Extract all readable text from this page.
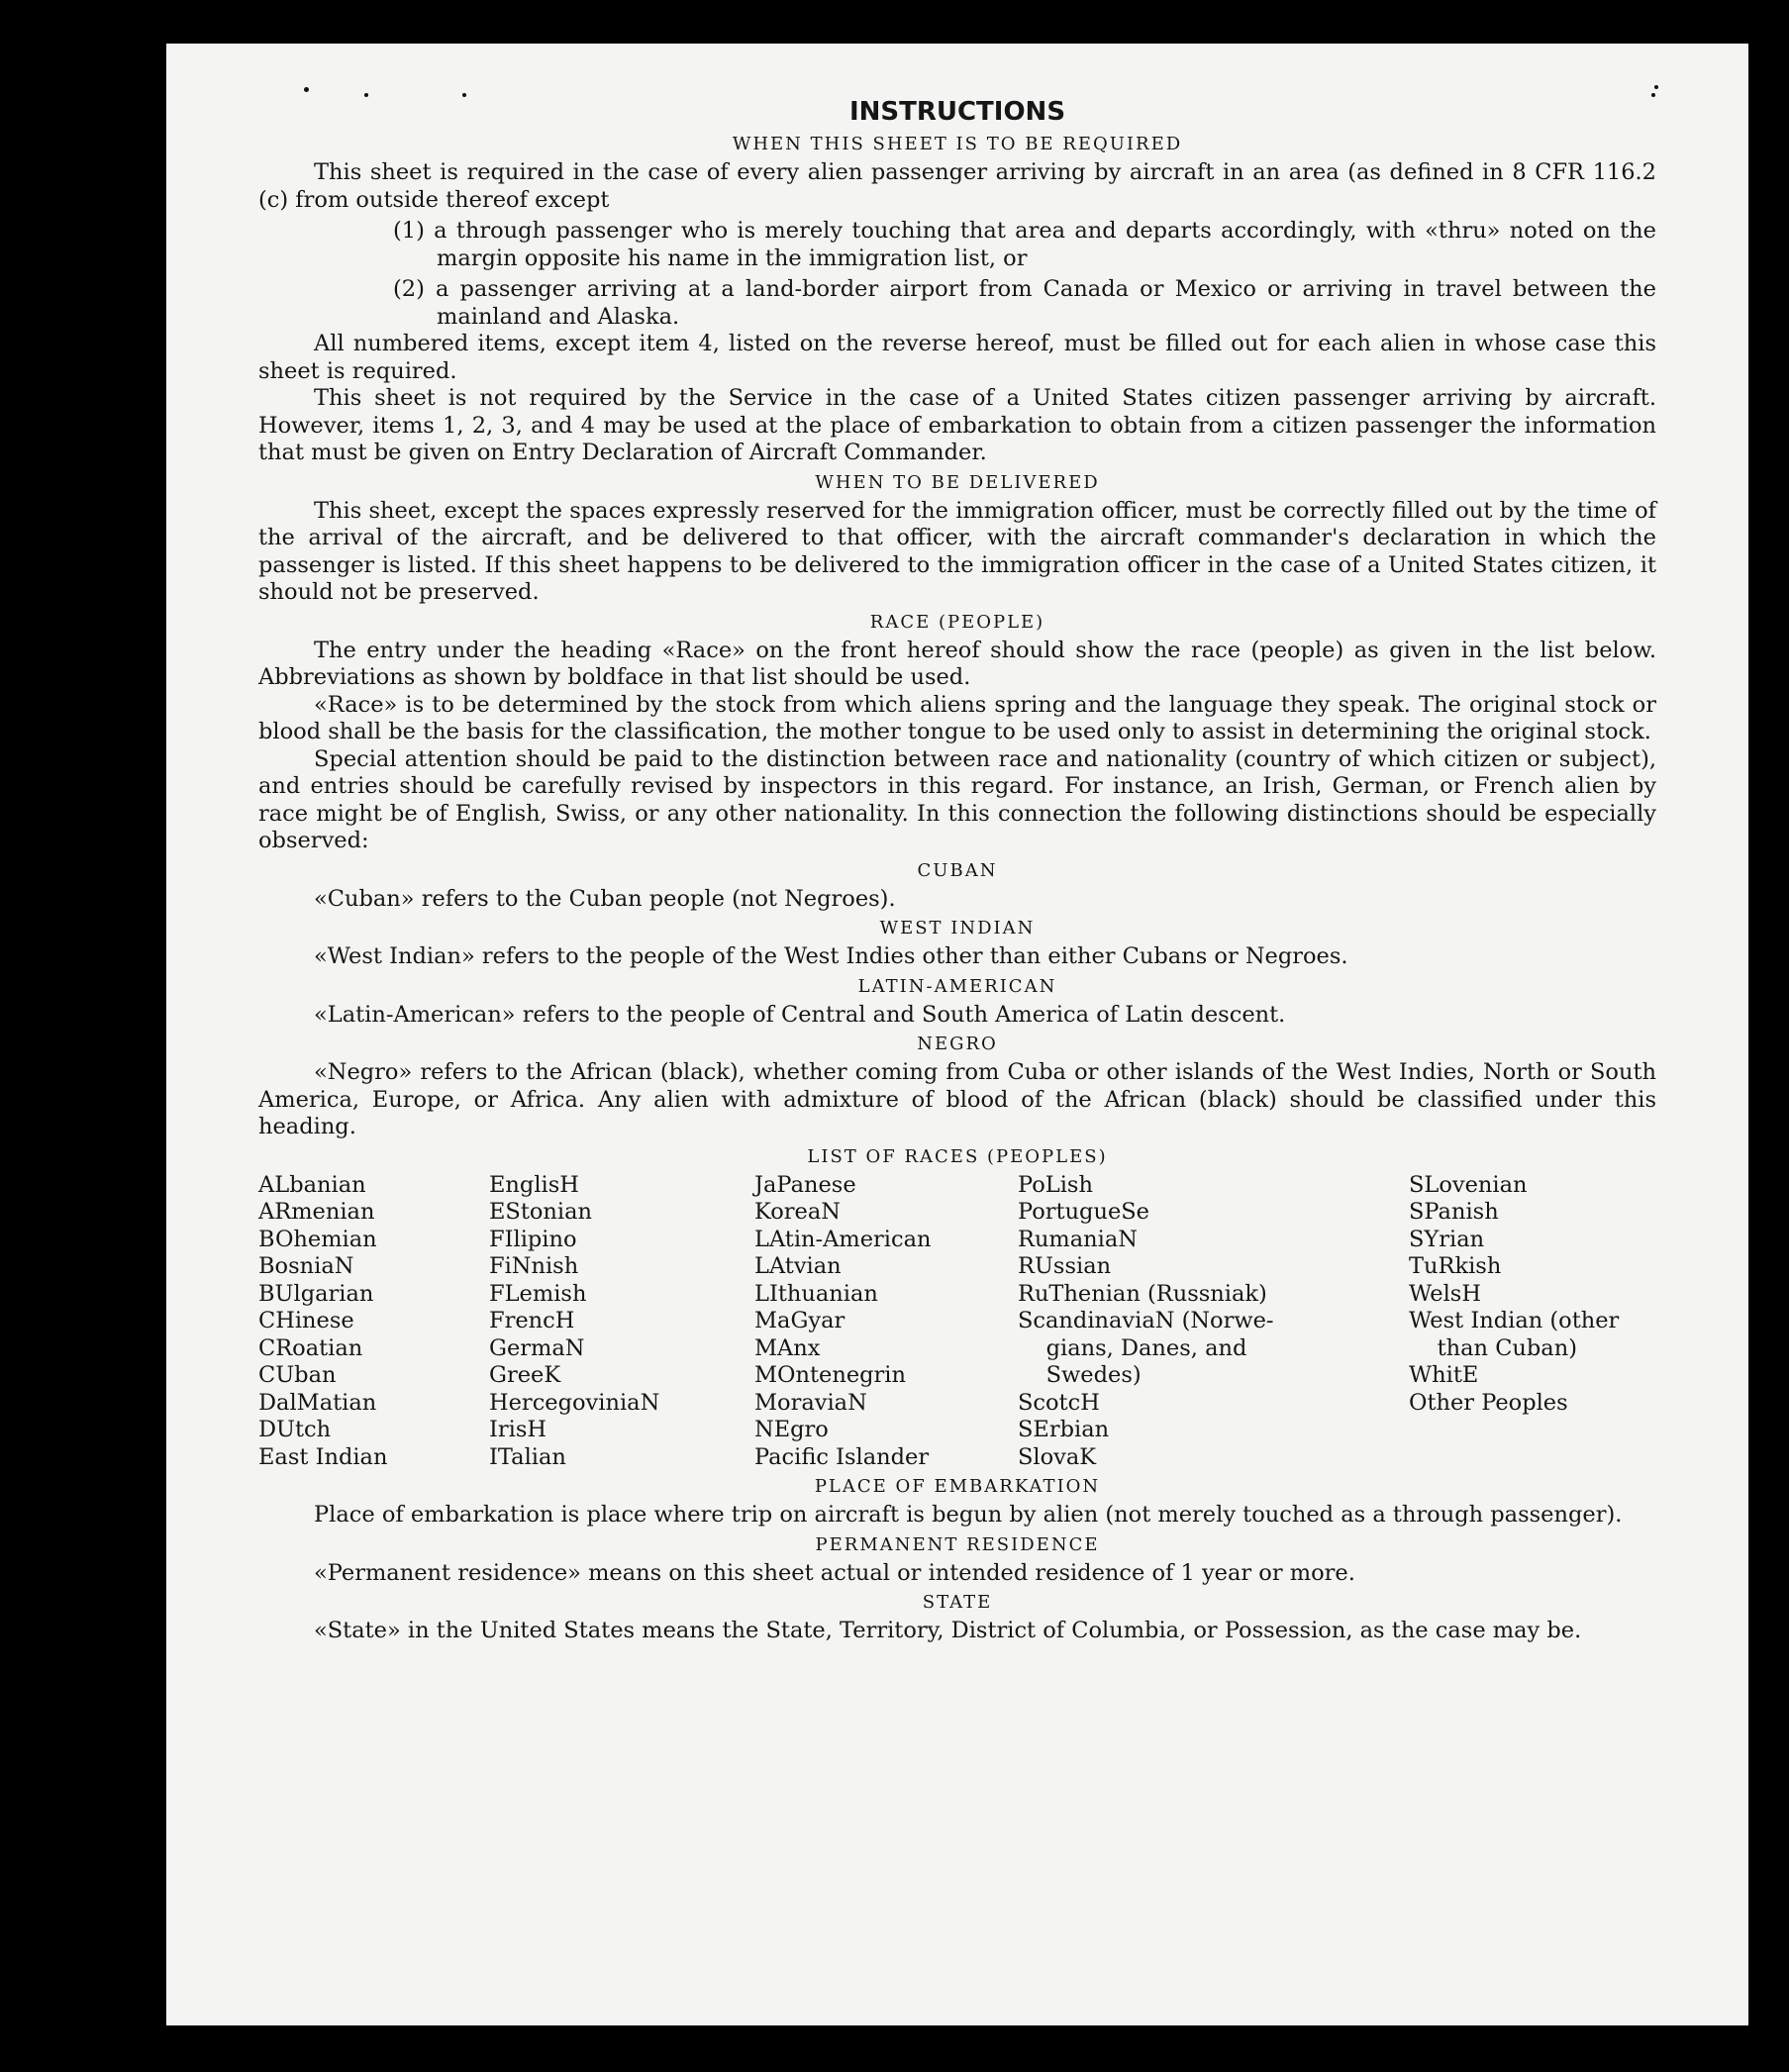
INSTRUCTIONS
WHEN THIS SHEET IS TO BE REQUIRED

This sheet is required in the case of every alien passenger arriving by aircraft in an area (as defined in 8 CFR 116.2 (c) from outside thereof except

(1) a through passenger who is merely touching that area and departs accordingly, with «thru» noted on the margin opposite his name in the immigration list, or

(2) a passenger arriving at a land-border airport from Canada or Mexico or arriving in travel between the mainland and Alaska.

All numbered items, except item 4, listed on the reverse hereof, must be filled out for each alien in whose case this sheet is required.

This sheet is not required by the Service in the case of a United States citizen passenger arriving by aircraft. However, items 1, 2, 3, and 4 may be used at the place of embarkation to obtain from a citizen passenger the information that must be given on Entry Declaration of Aircraft Commander.

WHEN TO BE DELIVERED

This sheet, except the spaces expressly reserved for the immigration officer, must be correctly filled out by the time of the arrival of the aircraft, and be delivered to that officer, with the aircraft commander's declaration in which the passenger is listed. If this sheet happens to be delivered to the immigration officer in the case of a United States citizen, it should not be preserved.

RACE (PEOPLE)

The entry under the heading «Race» on the front hereof should show the race (people) as given in the list below. Abbreviations as shown by boldface in that list should be used.

«Race» is to be determined by the stock from which aliens spring and the language they speak. The original stock or blood shall be the basis for the classification, the mother tongue to be used only to assist in determining the original stock.

Special attention should be paid to the distinction between race and nationality (country of which citizen or subject), and entries should be carefully revised by inspectors in this regard. For instance, an Irish, German, or French alien by race might be of English, Swiss, or any other nationality. In this connection the following distinctions should be especially observed:

CUBAN

«Cuban» refers to the Cuban people (not Negroes).

WEST INDIAN

«West Indian» refers to the people of the West Indies other than either Cubans or Negroes.

LATIN-AMERICAN

«Latin-American» refers to the people of Central and South America of Latin descent.

NEGRO

«Negro» refers to the African (black), whether coming from Cuba or other islands of the West Indies, North or South America, Europe, or Africa. Any alien with admixture of blood of the African (black) should be classified under this heading.

LIST OF RACES (PEOPLES)
ALbanian
ARmenian
BOhemian
BosniaN
BUlgarian
CHinese
CRoatian
CUban
DalMatian
DUtch
East Indian
EnglisH
EStonian
FIlipino
FiNnish
FLemish
FrencH
GermaN
GreeK
HercegoviniaN
IrisH
ITalian
JaPanese
KoreaN
LAtin-American
LAtvian
LIthuanian
MaGyar
MAnx
MOntenegrin
MoraviaN
NEgro
Pacific Islander
PoLish
PortugueSe
RumaniaN
RUssian
RuThenian (Russniak)
ScandinaviaN (Norwe-
gians, Danes, and
Swedes)
ScotcH
SErbian
SlovaK
SLovenian
SPanish
SYrian
TuRkish
WelsH
West Indian (other
than Cuban)
WhitE
Other Peoples
PLACE OF EMBARKATION

Place of embarkation is place where trip on aircraft is begun by alien (not merely touched as a through passenger).

PERMANENT RESIDENCE

«Permanent residence» means on this sheet actual or intended residence of 1 year or more.

STATE

«State» in the United States means the State, Territory, District of Columbia, or Possession, as the case may be.
